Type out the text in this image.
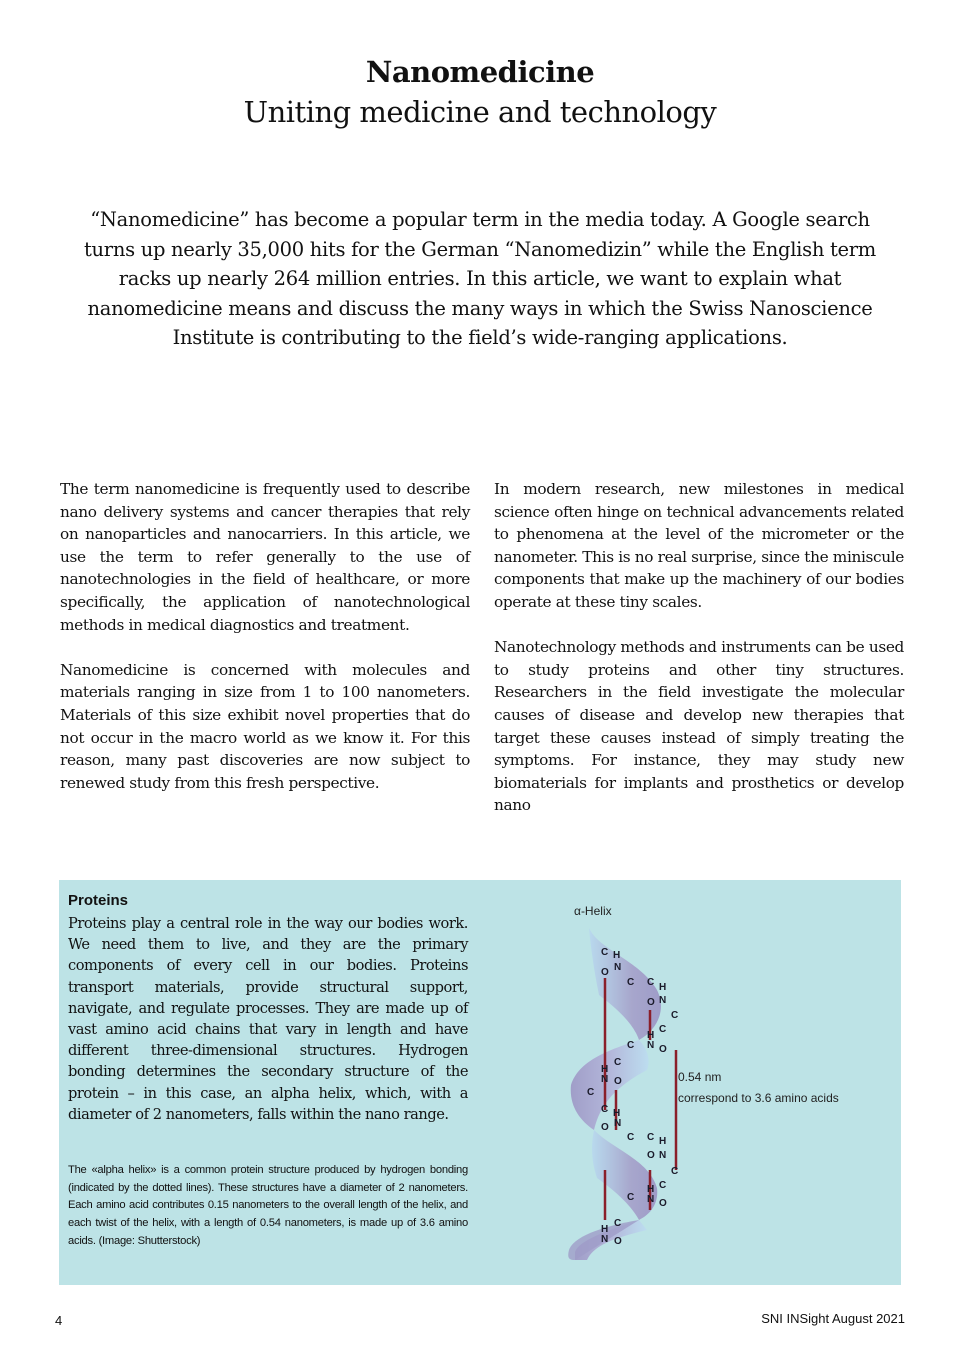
Nanomedicine
Uniting medicine and technology
“Nanomedicine” has become a popular term in the media today. A Google search turns up nearly 35,000 hits for the German “Nanomedizin” while the English term racks up nearly 264 million entries. In this article, we want to explain what nanomedicine means and discuss the many ways in which the Swiss Nanoscience Institute is contributing to the field’s wide-ranging applications.

The term nanomedicine is frequently used to describe nano delivery systems and cancer therapies that rely on nanoparticles and nanocarriers. In this article, we use the term to refer generally to the use of nanotechnologies in the field of healthcare, or more specifically, the application of nanotechnological methods in medical diagnostics and treatment.

Nanomedicine is concerned with molecules and materials ranging in size from 1 to 100 nanometers. Materials of this size exhibit novel properties that do not occur in the macro world as we know it. For this reason, many past discoveries are now subject to renewed study from this fresh perspective.

In modern research, new milestones in medical science often hinge on technical advancements related to phenomena at the level of the micrometer or the nanometer. This is no real surprise, since the miniscule components that make up the machinery of our bodies operate at these tiny scales.

Nanotechnology methods and instruments can be used to study proteins and other tiny structures. Researchers in the field investigate the molecular causes of disease and develop new therapies that target these causes instead of simply treating the symptoms. For instance, they may study new biomaterials for implants and prosthetics or develop nano

Proteins

Proteins play a central role in the way our bodies work. We need them to live, and they are the primary components of every cell in our bodies. Proteins transport materials, provide structural support, navigate, and regulate processes. They are made up of vast amino acid chains that vary in length and have different three-dimensional structures. Hydrogen bonding determines the secondary structure of the protein – in this case, an alpha helix, which, with a diameter of 2 nanometers, falls within the nano range.

The «alpha helix» is a common protein structure produced by hydrogen bonding (indicated by the dotted lines). These structures have a diameter of 2 nanometers. Each amino acid contributes 0.15 nanometers to the overall length of the helix, and each twist of the helix, with a length of 0.54 nanometers, is made up of 3.6 amino acids. (Image: Shutterstock)

α-Helix
0.54 nm
correspond to 3.6 amino acids
C H
O N
C C H
O N
C
H
C
N O
C
H
C
N O
C
C H
O N
C C H
O N
C
H C
N O
C
H
C
N O
4	SNI INSight August 2021
